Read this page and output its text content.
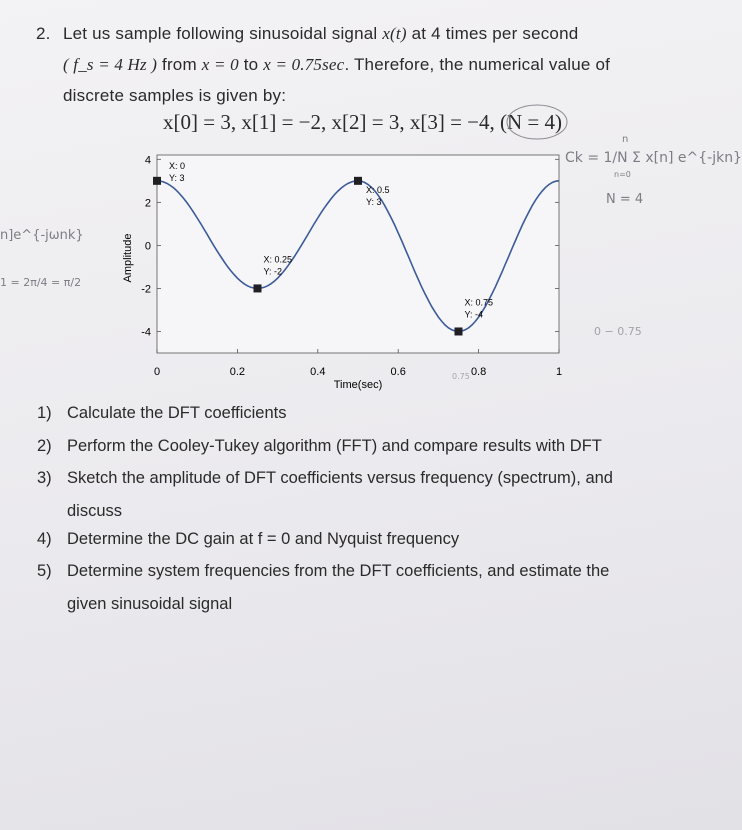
2. Let us sample following sinusoidal signal x(t) at 4 times per second
( f_s = 4 Hz ) from x = 0 to x = 0.75sec. Therefore, the numerical value of
discrete samples is given by:
x[0] = 3, x[1] = −2, x[2] = 3, x[3] = −4, (N = 4)
0	0.2	0.4	0.6	0.8	1
4
2
0
-2
-4
X: 0
Y: 3
X: 0.25
Y: -2
X: 0.5
Y: 3
X: 0.75
Y: -4
Time(sec)
Amplitude
Ck = 1/N Σ x[n] e^{-jkn}
n
n=0
N = 4
n]e^{-jωnk}
1 = 2π/4 = π/2
0 − 0.75
0.75
1) Calculate the DFT coefficients
2) Perform the Cooley-Tukey algorithm (FFT) and compare results with DFT
3) Sketch the amplitude of DFT coefficients versus frequency (spectrum), and
discuss
4) Determine the DC gain at f = 0 and Nyquist frequency
5) Determine system frequencies from the DFT coefficients, and estimate the
given sinusoidal signal
